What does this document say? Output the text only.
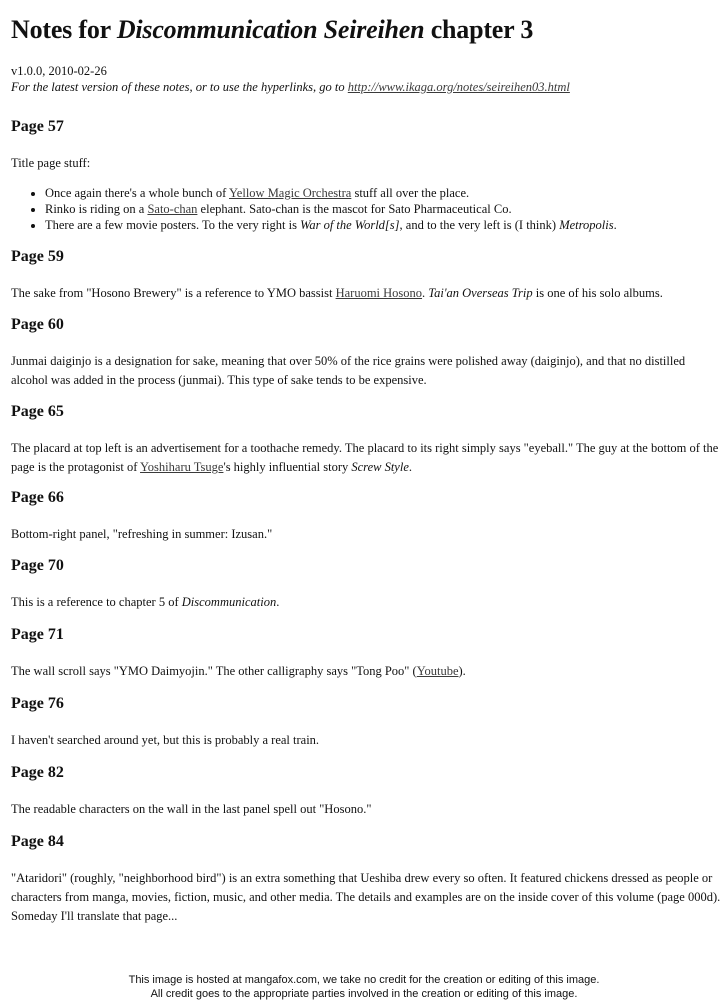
Notes for Discommunication Seireihen chapter 3
v1.0.0, 2010-02-26
For the latest version of these notes, or to use the hyperlinks, go to http://www.ikaga.org/notes/seireihen03.html
Page 57

Title page stuff:

• Once again there's a whole bunch of Yellow Magic Orchestra stuff all over the place.
• Rinko is riding on a Sato-chan elephant. Sato-chan is the mascot for Sato Pharmaceutical Co.
• There are a few movie posters. To the very right is War of the World[s], and to the very left is (I think) Metropolis.
Page 59

The sake from "Hosono Brewery" is a reference to YMO bassist Haruomi Hosono. Tai'an Overseas Trip is one of his solo albums.

Page 60

Junmai daiginjo is a designation for sake, meaning that over 50% of the rice grains were polished away (daiginjo), and that no distilled alcohol was added in the process (junmai). This type of sake tends to be expensive.

Page 65

The placard at top left is an advertisement for a toothache remedy. The placard to its right simply says "eyeball." The guy at the bottom of the page is the protagonist of Yoshiharu Tsuge's highly influential story Screw Style.

Page 66

Bottom-right panel, "refreshing in summer: Izusan."

Page 70

This is a reference to chapter 5 of Discommunication.

Page 71

The wall scroll says "YMO Daimyojin." The other calligraphy says "Tong Poo" (Youtube).

Page 76

I haven't searched around yet, but this is probably a real train.

Page 82

The readable characters on the wall in the last panel spell out "Hosono."

Page 84

"Ataridori" (roughly, "neighborhood bird") is an extra something that Ueshiba drew every so often. It featured chickens dressed as people or characters from manga, movies, fiction, music, and other media. The details and examples are on the inside cover of this volume (page 000d). Someday I'll translate that page...

This image is hosted at mangafox.com, we take no credit for the creation or editing of this image.
All credit goes to the appropriate parties involved in the creation or editing of this image.
